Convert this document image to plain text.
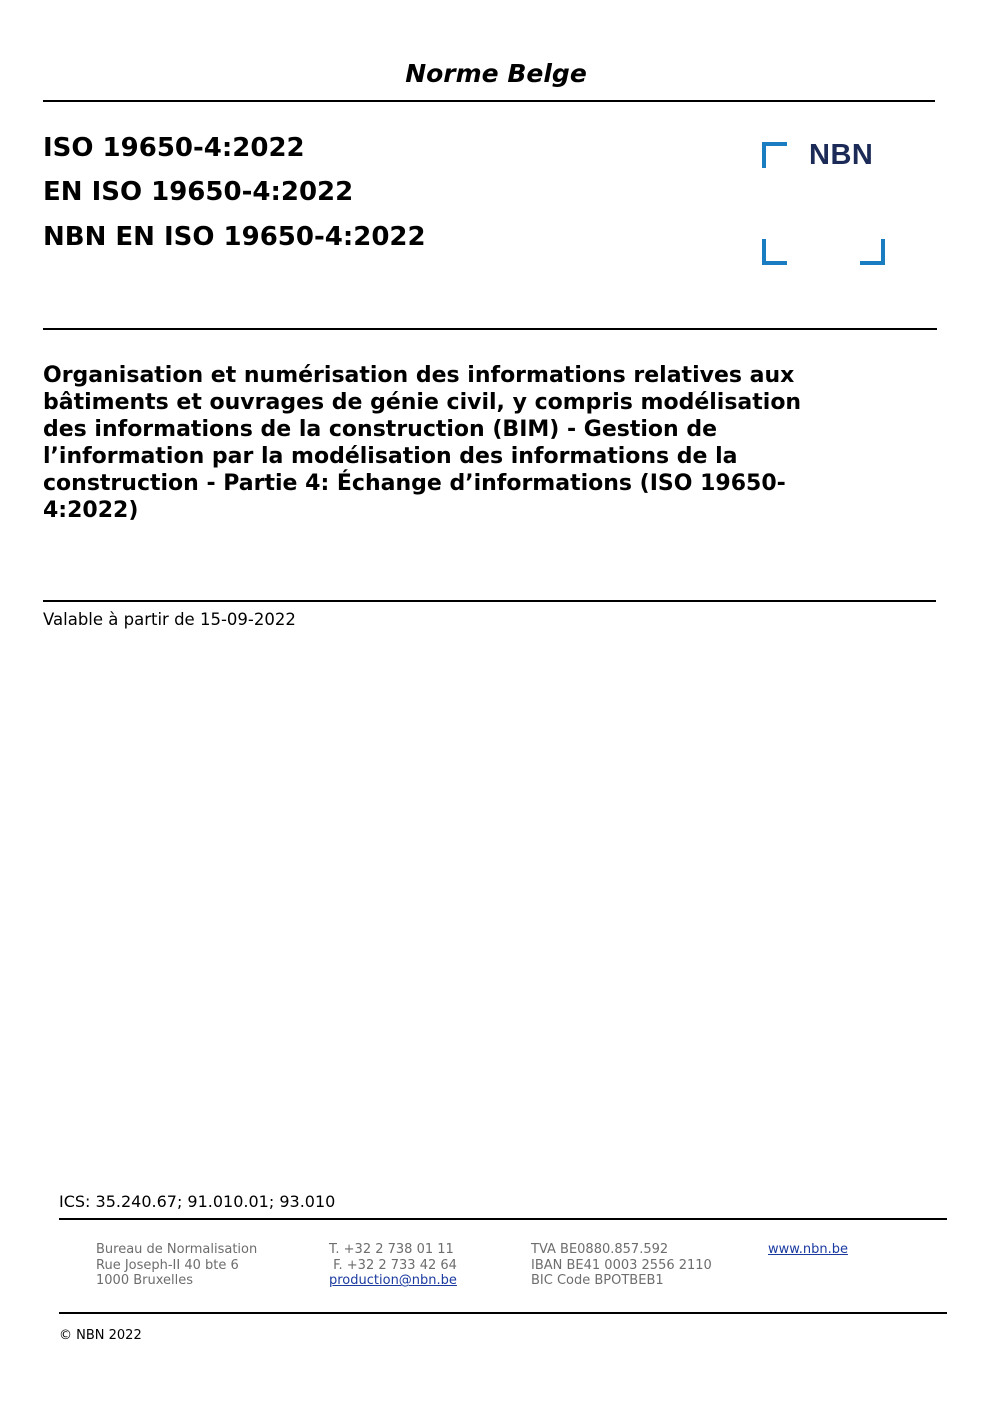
Norme Belge
ISO 19650-4:2022
EN ISO 19650-4:2022
NBN EN ISO 19650-4:2022
NBN
Organisation et numérisation des informations relatives aux
bâtiments et ouvrages de génie civil, y compris modélisation
des informations de la construction (BIM) - Gestion de
l’information par la modélisation des informations de la
construction - Partie 4: Échange d’informations (ISO 19650-
4:2022)
Valable à partir de 15-09-2022
ICS: 35.240.67; 91.010.01; 93.010
Bureau de Normalisation
Rue Joseph-II 40 bte 6
1000 Bruxelles
T. +32 2 738 01 11
F. +32 2 733 42 64
production@nbn.be
TVA BE0880.857.592
IBAN BE41 0003 2556 2110
BIC Code BPOTBEB1
www.nbn.be
© NBN 2022
